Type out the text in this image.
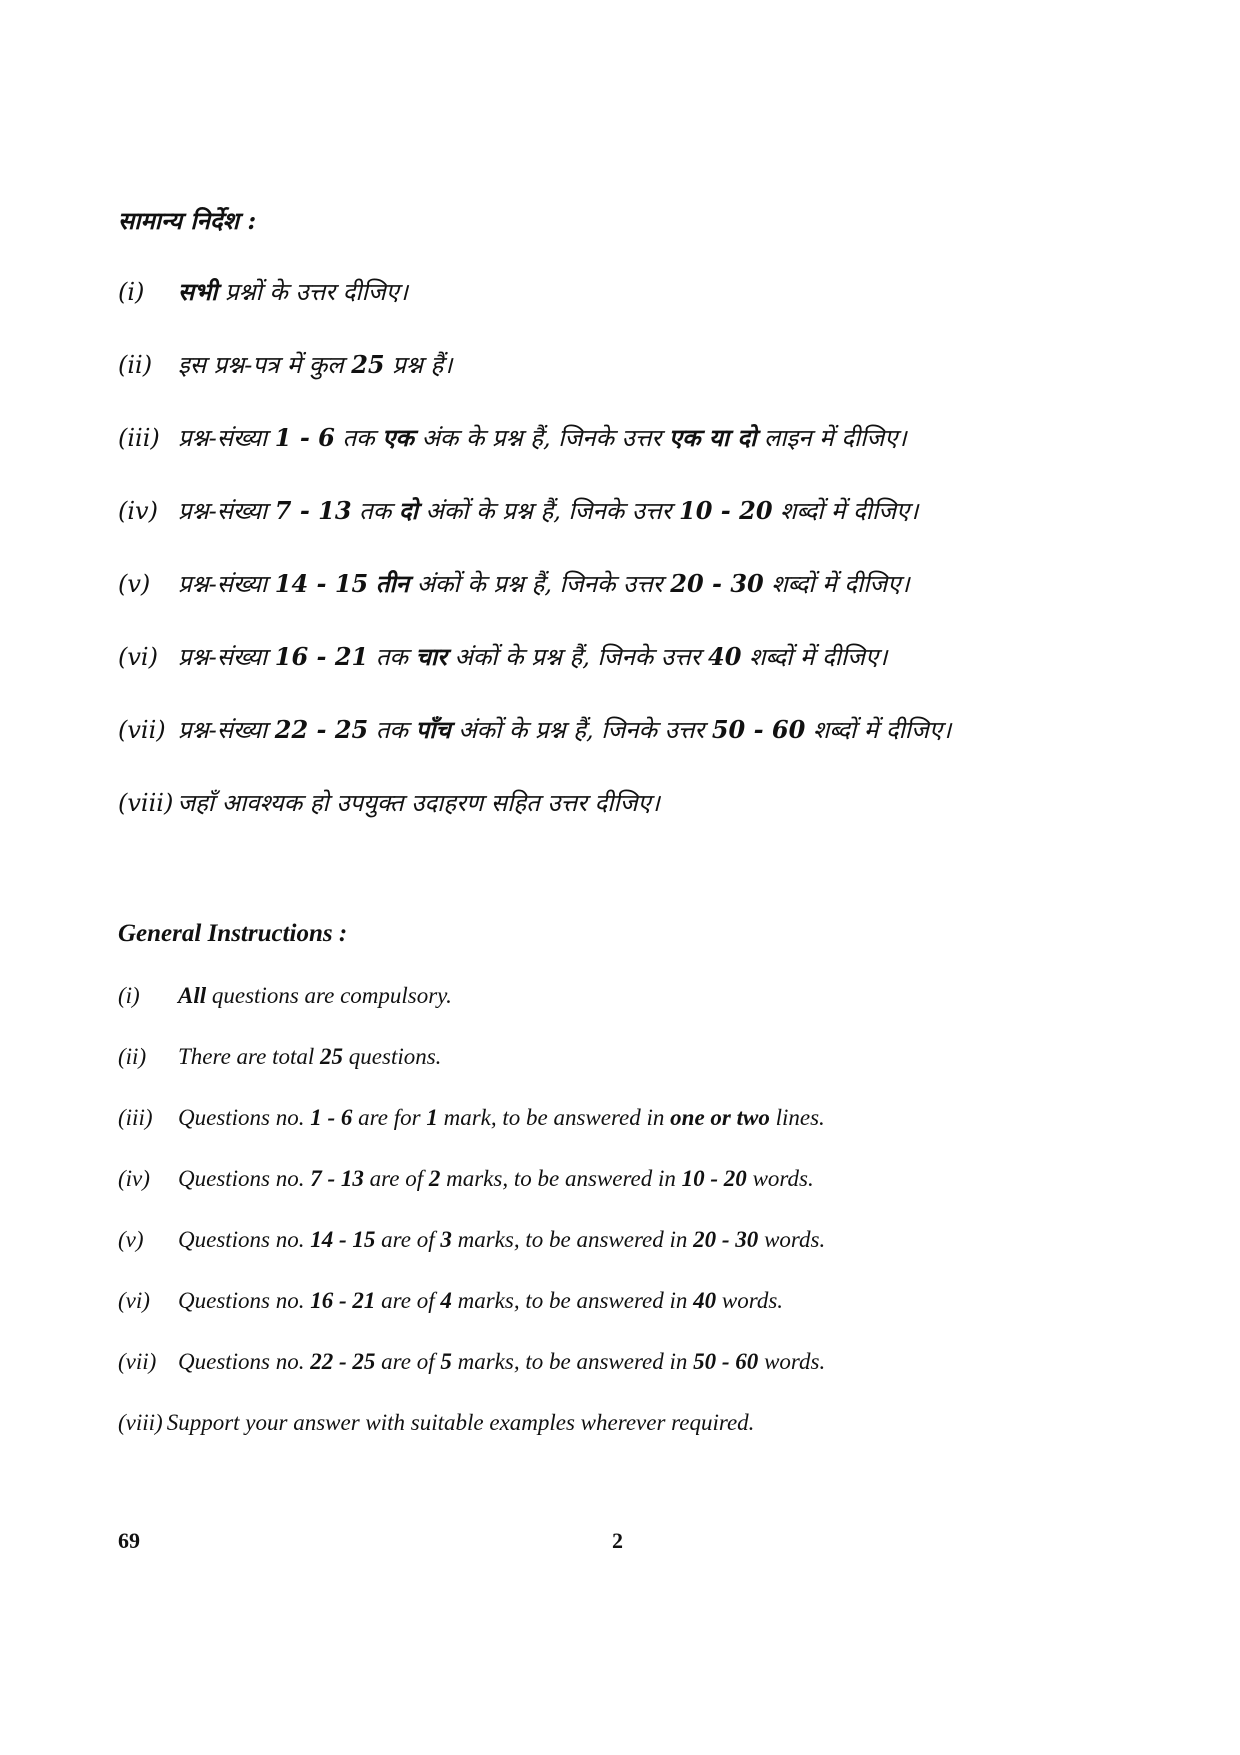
सामान्य निर्देश :
(i) सभी प्रश्नों के उत्तर दीजिए।
(ii) इस प्रश्न-पत्र में कुल 25 प्रश्न हैं।
(iii) प्रश्न-संख्या 1 - 6 तक एक अंक के प्रश्न हैं, जिनके उत्तर एक या दो लाइन में दीजिए।
(iv) प्रश्न-संख्या 7 - 13 तक दो अंकों के प्रश्न हैं, जिनके उत्तर 10 - 20 शब्दों में दीजिए।
(v) प्रश्न-संख्या 14 - 15 तीन अंकों के प्रश्न हैं, जिनके उत्तर 20 - 30 शब्दों में दीजिए।
(vi) प्रश्न-संख्या 16 - 21 तक चार अंकों के प्रश्न हैं, जिनके उत्तर 40 शब्दों में दीजिए।
(vii) प्रश्न-संख्या 22 - 25 तक पाँच अंकों के प्रश्न हैं, जिनके उत्तर 50 - 60 शब्दों में दीजिए।
(viii) जहाँ आवश्यक हो उपयुक्त उदाहरण सहित उत्तर दीजिए।
General Instructions :
(i) All questions are compulsory.
(ii) There are total 25 questions.
(iii) Questions no. 1 - 6 are for 1 mark, to be answered in one or two lines.
(iv) Questions no. 7 - 13 are of 2 marks, to be answered in 10 - 20 words.
(v) Questions no. 14 - 15 are of 3 marks, to be answered in 20 - 30 words.
(vi) Questions no. 16 - 21 are of 4 marks, to be answered in 40 words.
(vii) Questions no. 22 - 25 are of 5 marks, to be answered in 50 - 60 words.
(viii) Support your answer with suitable examples wherever required.
69	2
